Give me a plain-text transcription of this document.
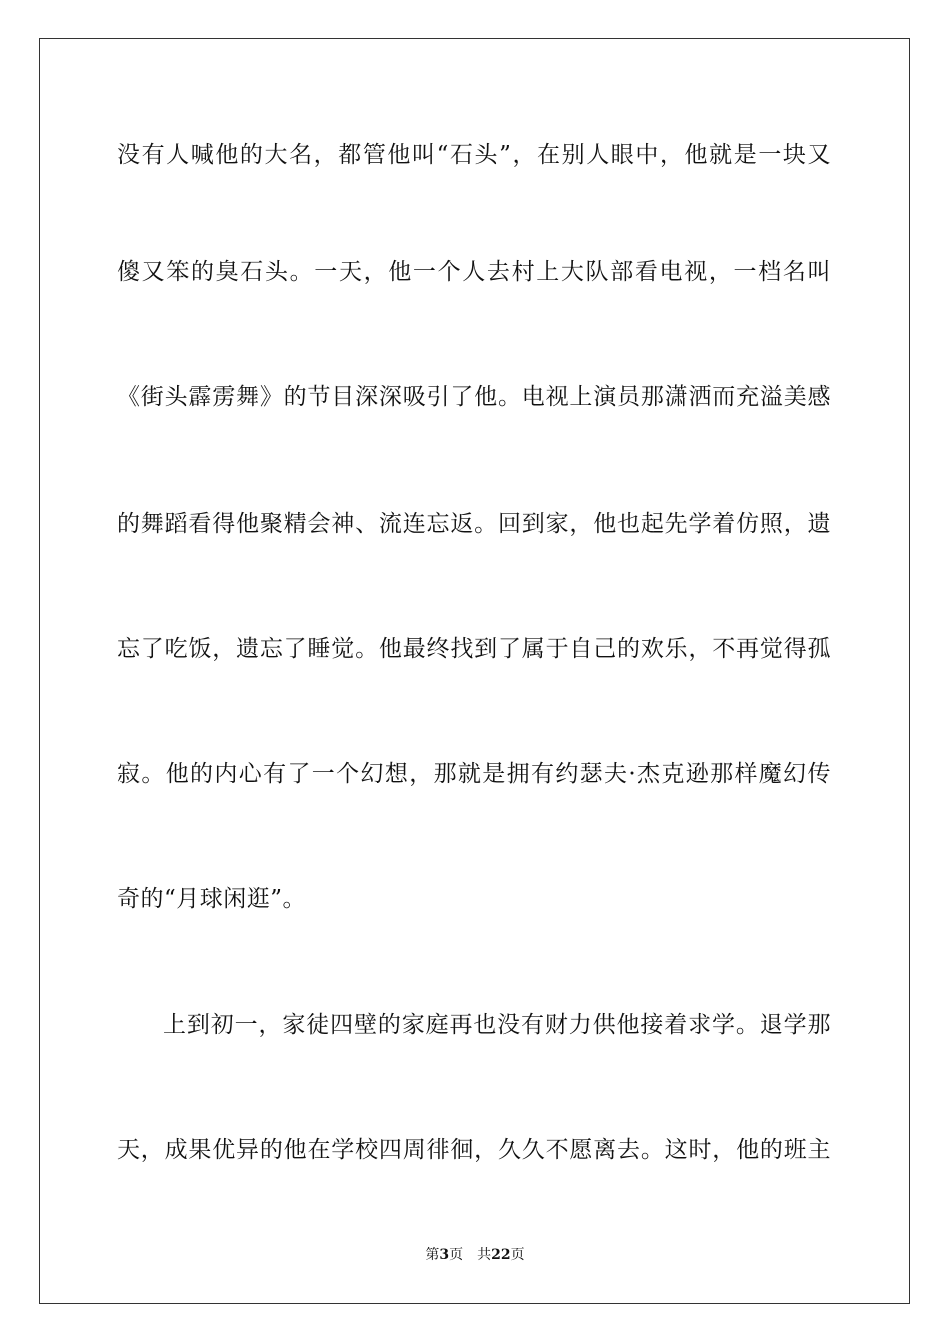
没有人喊他的大名，都管他叫“石头”，在别人眼中，他就是一块又
傻又笨的臭石头。一天，他一个人去村上大队部看电视，一档名叫
《街头霹雳舞》的节目深深吸引了他。电视上演员那潇洒而充溢美感
的舞蹈看得他聚精会神、流连忘返。回到家，他也起先学着仿照，遗
忘了吃饭，遗忘了睡觉。他最终找到了属于自己的欢乐，不再觉得孤
寂。他的内心有了一个幻想，那就是拥有约瑟夫·杰克逊那样魔幻传
奇的“月球闲逛”。
上到初一，家徒四壁的家庭再也没有财力供他接着求学。退学那
天，成果优异的他在学校四周徘徊，久久不愿离去。这时，他的班主
第3页 共22页
